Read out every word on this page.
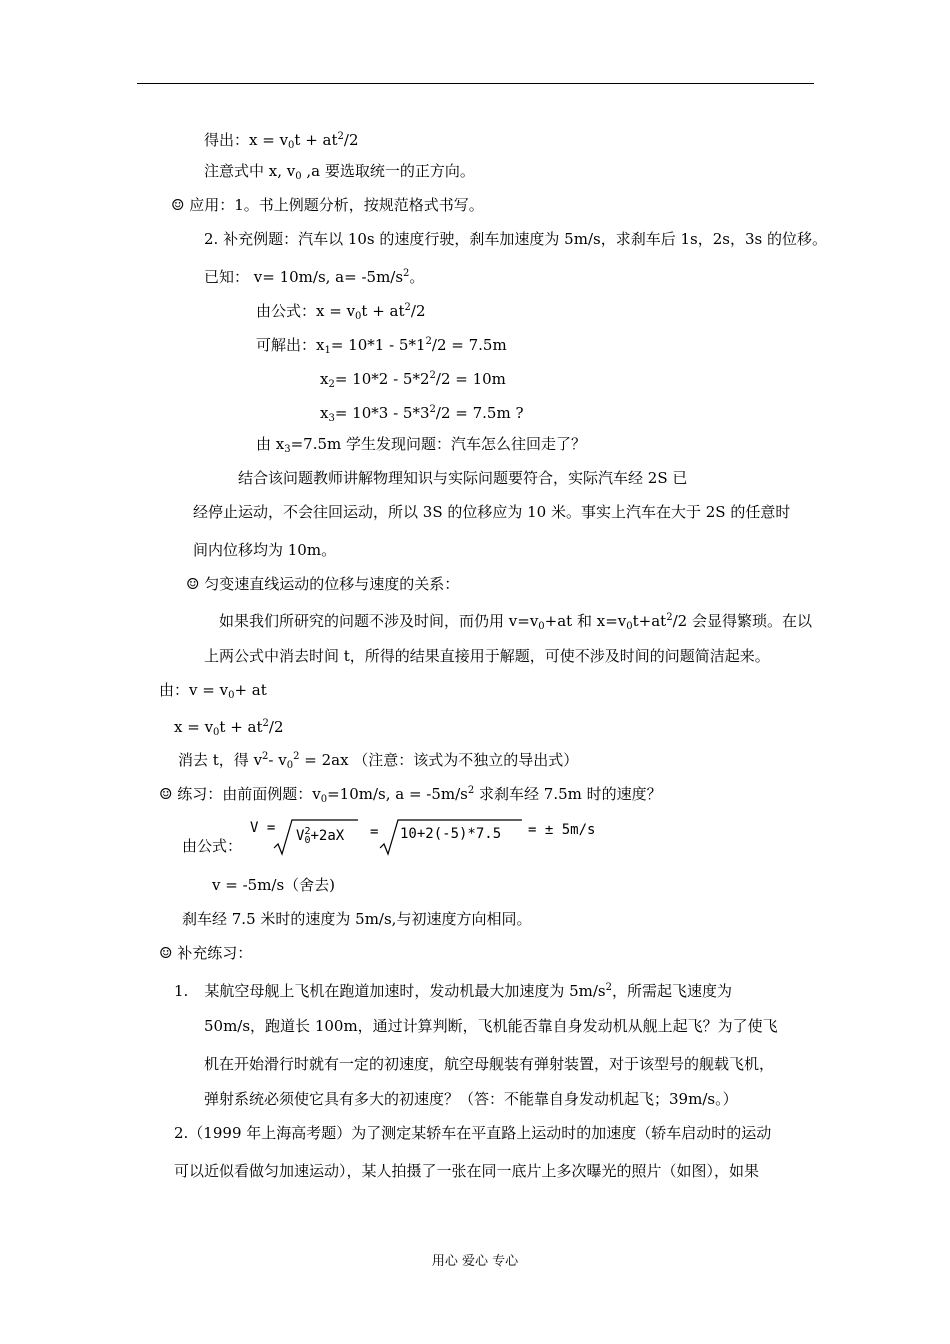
得出：$x = v_0t + at^2/2$
注意式中 x, $v_0$ ,a 要选取统一的正方向。
☺ 应用：1。书上例题分析，按规范格式书写。
2. 补充例题：汽车以 10s 的速度行驶，刹车加速度为 5m/s，求刹车后 1s，2s，3s 的位移。
已知： v= 10m/s, $a= -5m/s^2$。
由公式：$x = v_0t + at^2/2$
可解出：$x_1= 10*1 - 5*1^2/2 = 7.5m$
$x_2= 10*2 - 5*2^2/2 = 10m$
$x_3= 10*3 - 5*3^2/2 = 7.5m$ ?
由 $x_3=7.5m$ 学生发现问题：汽车怎么往回走了？
结合该问题教师讲解物理知识与实际问题要符合，实际汽车经 2S 已
经停止运动，不会往回运动，所以 3S 的位移应为 10 米。事实上汽车在大于 2S 的任意时
间内位移均为 10m。
☺ 匀变速直线运动的位移与速度的关系：
如果我们所研究的问题不涉及时间，而仍用 $v=v_0+at$ 和 $x=v_0t+at^2/2$ 会显得繁琐。在以
上两公式中消去时间 t，所得的结果直接用于解题，可使不涉及时间的问题简洁起来。
由：$v = v_0+$ at
$x = v_0t + at^2/2$
消去 t，得 $v^2-$ $v_0^2 = 2ax$ （注意：该式为不独立的导出式）
☺ 练习：由前面例题：$v_0=10m/s$, $a = -5m/s^2$ 求刹车经 7.5m 时的速度？
由公式：
$V = V_0^2+2aX = 10+2(-5)*7.5$ = ± 5m/s
v = -5m/s（舍去)
刹车经 7.5 米时的速度为 5m/s,与初速度方向相同。
☺ 补充练习：
1. 某航空母舰上飞机在跑道加速时，发动机最大加速度为 $5m/s^2$，所需起飞速度为
50m/s，跑道长 100m，通过计算判断，飞机能否靠自身发动机从舰上起飞？为了使飞
机在开始滑行时就有一定的初速度，航空母舰装有弹射装置，对于该型号的舰载飞机，
弹射系统必须使它具有多大的初速度？（答：不能靠自身发动机起飞；39m/s。）
2.（1999 年上海高考题）为了测定某轿车在平直路上运动时的加速度（轿车启动时的运动
可以近似看做匀加速运动），某人拍摄了一张在同一底片上多次曝光的照片（如图），如果
用心 爱心 专心
